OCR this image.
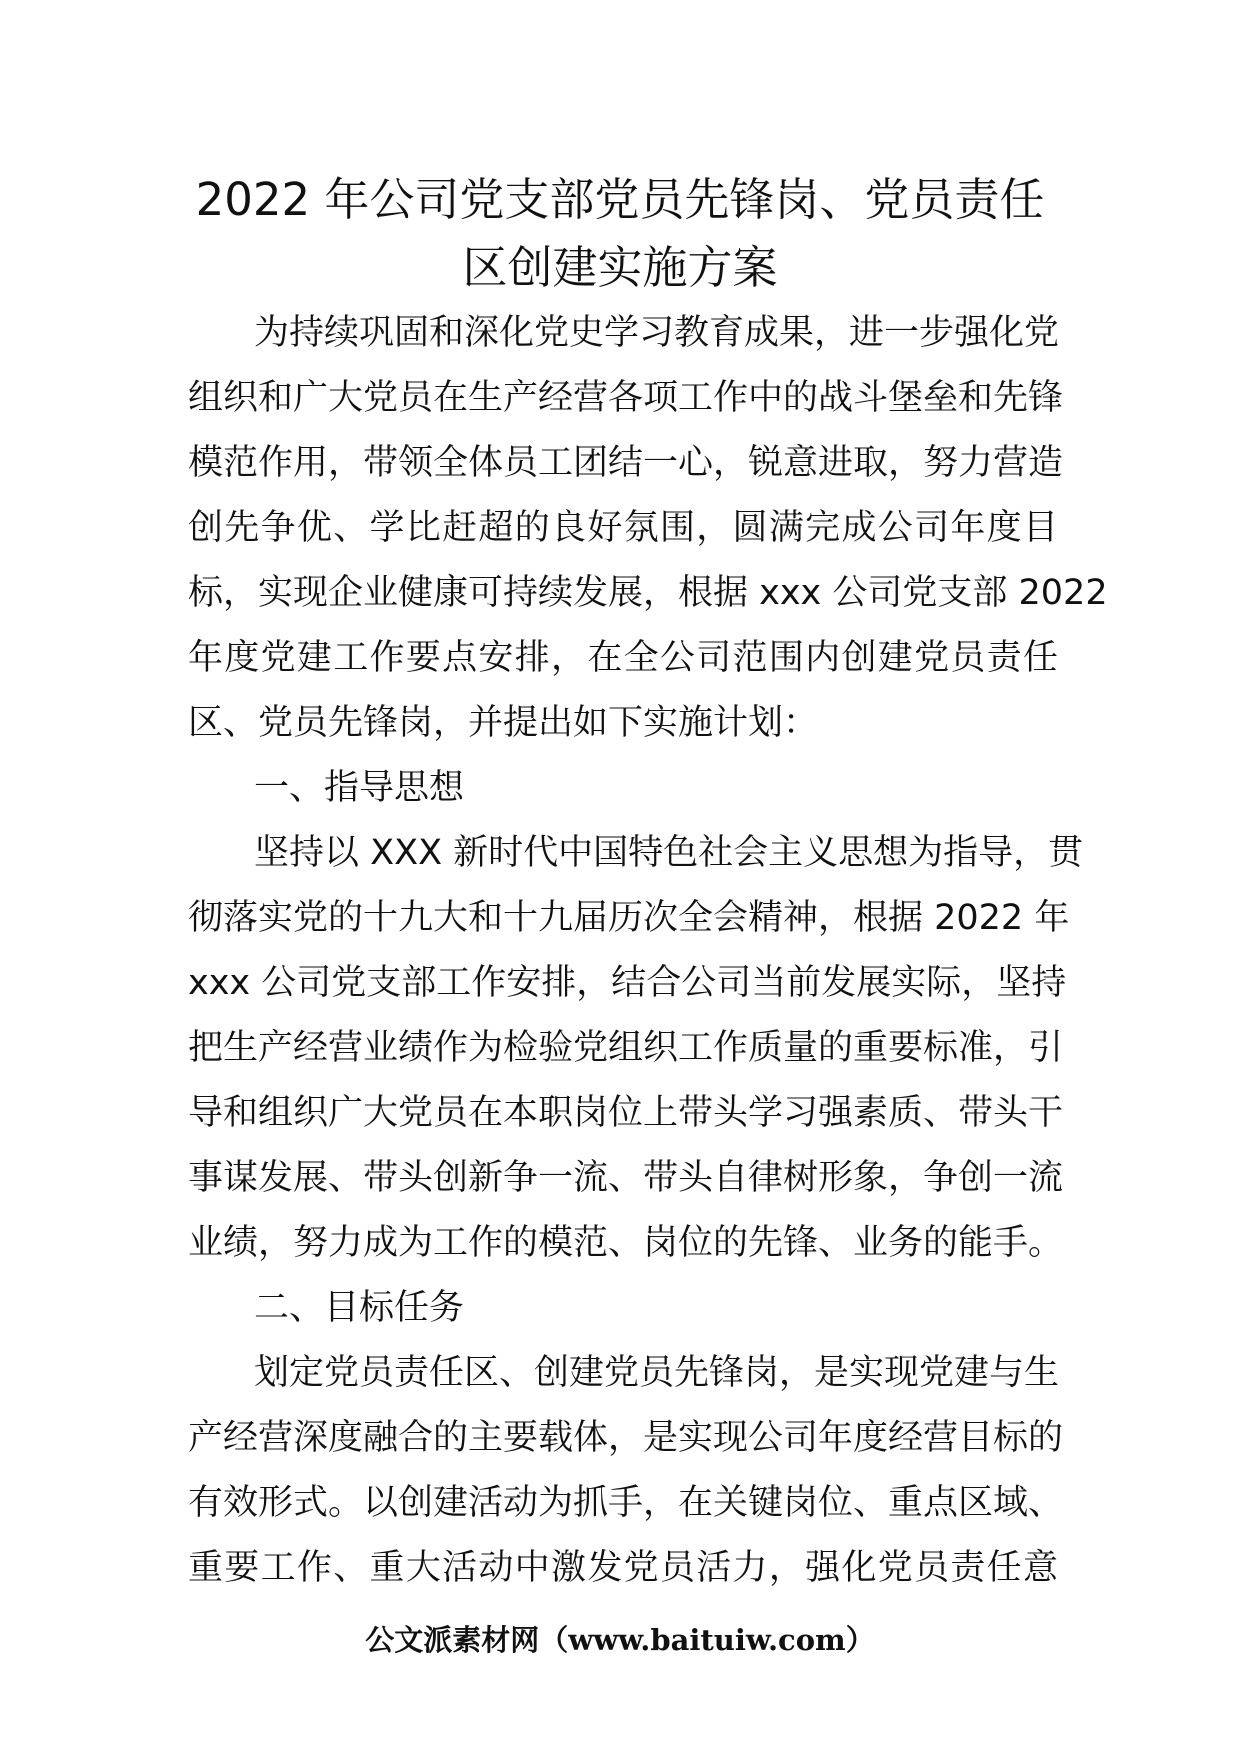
2022 年公司党支部党员先锋岗、党员责任
区创建实施方案
为持续巩固和深化党史学习教育成果，进一步强化党
组织和广大党员在生产经营各项工作中的战斗堡垒和先锋
模范作用，带领全体员工团结一心，锐意进取，努力营造
创先争优、学比赶超的良好氛围，圆满完成公司年度目
标，实现企业健康可持续发展，根据 xxx 公司党支部 2022
年度党建工作要点安排，在全公司范围内创建党员责任
区、党员先锋岗，并提出如下实施计划：
一、指导思想
坚持以 XXX 新时代中国特色社会主义思想为指导，贯
彻落实党的十九大和十九届历次全会精神，根据 2022 年
xxx 公司党支部工作安排，结合公司当前发展实际，坚持
把生产经营业绩作为检验党组织工作质量的重要标准，引
导和组织广大党员在本职岗位上带头学习强素质、带头干
事谋发展、带头创新争一流、带头自律树形象，争创一流
业绩，努力成为工作的模范、岗位的先锋、业务的能手。
二、目标任务
划定党员责任区、创建党员先锋岗，是实现党建与生
产经营深度融合的主要载体，是实现公司年度经营目标的
有效形式。以创建活动为抓手，在关键岗位、重点区域、
重要工作、重大活动中激发党员活力，强化党员责任意
公文派素材网（www.baituiw.com）
